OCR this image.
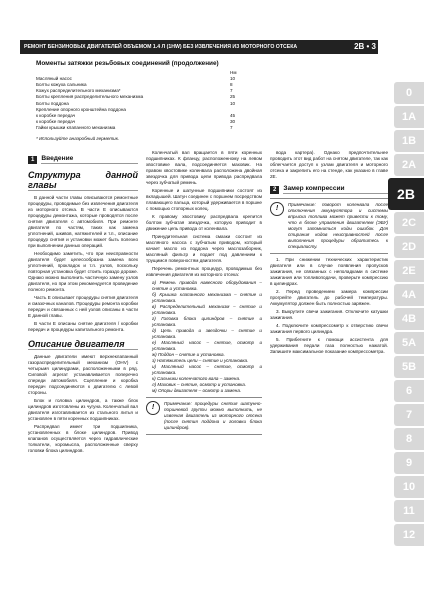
РЕМОНТ БЕНЗИНОВЫХ ДВИГАТЕЛЕЙ ОБЪЕМОМ 1.4 Л (1HW) БЕЗ ИЗВЛЕЧЕНИЯ ИЗ МОТОРНОГО ОТСЕКА	2B • 3
0
1A
1B
2A
2B
2C
2D
2E
4A
4B
5A
5B
6
7
8
9
10
11
12
Моменты затяжки резьбовых соединений (продолжение)
Нм
Масляный насос	10
Болты кожуха сальника	8
Кожух распределительного механизма*	7
Болты крепления распределительного механизма	25
Болты поддона	10
Крепление опорного кронштейна поддона
к коробке передач	45
к коробке передач	30
Гайки крышки клапанного механизма	7
* Используйте анаэробный герметик.
1	Введение
Структура данной главы

В данной части главы описываются ремонтные процедуры, проводимые без извлечения двигателя из моторного отсека. В части Е описываются процедуры демонтажа, которые проводятся после снятия двигателя с автомобиля. При ремонте двигателя по частям, таких как замена уплотнений, шкивов, натяжителей и т.п., описание процедур снятия и установки может быть полезно при выполнении данных операций.

Необходимо заметить, что при неисправности двигателя будет целесообразна замена всех уплотнений, прокладок и т.п. узлов, поскольку повторная установка будет стоить гораздо дороже. Однако можно выполнить частичную замену узлов двигателя, но при этом рекомендуется проведение полного ремонта.

Часть Е описывает процедуры снятия двигателя и смазочных каналов. Процедуры ремонта коробки передач и связанных с ней узлов описаны в части E данной главы.

В части E описаны снятие двигателя / коробки передач и процедуры капитального ремонта.

Описание двигателя

Данные двигатели имеют верхнеклапанный газораспределительный механизм (OHV) с четырьмя цилиндрами, расположенными в ряд. Силовой агрегат устанавливается поперечно спереди автомобиля. Сцепление и коробка передач подсоединяются к двигателю с левой стороны.

Блок и головка цилиндров, а также блок цилиндров изготовлены из чугуна. Коленчатый вал двигателя изготавливается из стального литья и установлен в пяти коренных подшипниках.

Распредвал имеет три подшипника, установленных в блоке цилиндров. Привод клапанов осуществляется через гидравлические толкатели, коромысла, расположенные сверху головки блока цилиндров.

Коленчатый вал вращается в пяти коренных подшипниках. К фланцу, расположенному на левом хвостовике вала, подсоединяется маховик. На правом хвостовике коленвала расположена двойная звездочка для привода цепи привода распредвала через зубчатый ремень.

Коренные и шатунные подшипники состоят из вкладышей. Шатун соединен с поршнем посредством плавающего пальца, который удерживается в поршне с помощью стопорных колец.

К правому хвостовику распредвала крепится болтом зубчатая звездочка, которую приводит в движение цепь привода от коленвала.

Принудительная система смазки состоит из масляного насоса с зубчатым приводом, который качает масло из поддона через маслозаборник, масляный фильтр и подает под давлением к трущимся поверхностям двигателя.

Перечень ремонтных процедур, проводимых без извлечения двигателя из моторного отсека:

а) Ремень привода навесного оборудования – снятие и установка.
б) Крышка клапанного механизма – снятие и установка.
в) Распределительный механизм – снятие и установка.
г) Головка блока цилиндров – снятие и установка.
д) Цепь привода и звездочки – снятие и установка.
е) Масляный насос – снятие, осмотр и установка.
ж) Поддон – снятие и установка.
з) Натяжитель цепи – снятие и установка.
и) Масляный насос – снятие, осмотр и установка.
к) Сальники коленчатого вала – замена.
л) Маховик – снятие, осмотр и установка.
м) Опоры двигателя – осмотр и замена.
!
Примечание: процедуры снятия шатунно-поршневой группы можно выполнить, не извлекая двигатель из моторного отсека (после снятия поддона и головки блока цилиндров).

вода картера). Однако предпочтительнее проводить этот вид работ на снятом двигателе, так как облегчается доступ к узлам двигателя и моторного отсека и закрепить его на стенде, как указано в главе 2E.

2	Замер компрессии
!
Примечание: поворот коленвала после отключения аккумулятора и системы впрыска топлива может привести к тому, что в блоке управления двигателем (ЭБУ) могут запомниться коды ошибок. Для стирания кодов неисправностей после выполнения процедуры обратитесь к специалисту.

1. При снижении технических характеристик двигателя или в случае появления пропусков зажигания, не связанных с неполадками в системе зажигания или топливоподачи, проверьте компрессию в цилиндрах.

2. Перед проведением замера компрессии прогрейте двигатель до рабочей температуры. Аккумулятор должен быть полностью заряжен.

3. Выкрутите свечи зажигания. Отключите катушки зажигания.

4. Подключите компрессометр к отверстию свечи зажигания первого цилиндра.

5. Прибегните к помощи ассистента для удерживания педали газа полностью нажатой. Запишите максимальное показание компрессометра.
